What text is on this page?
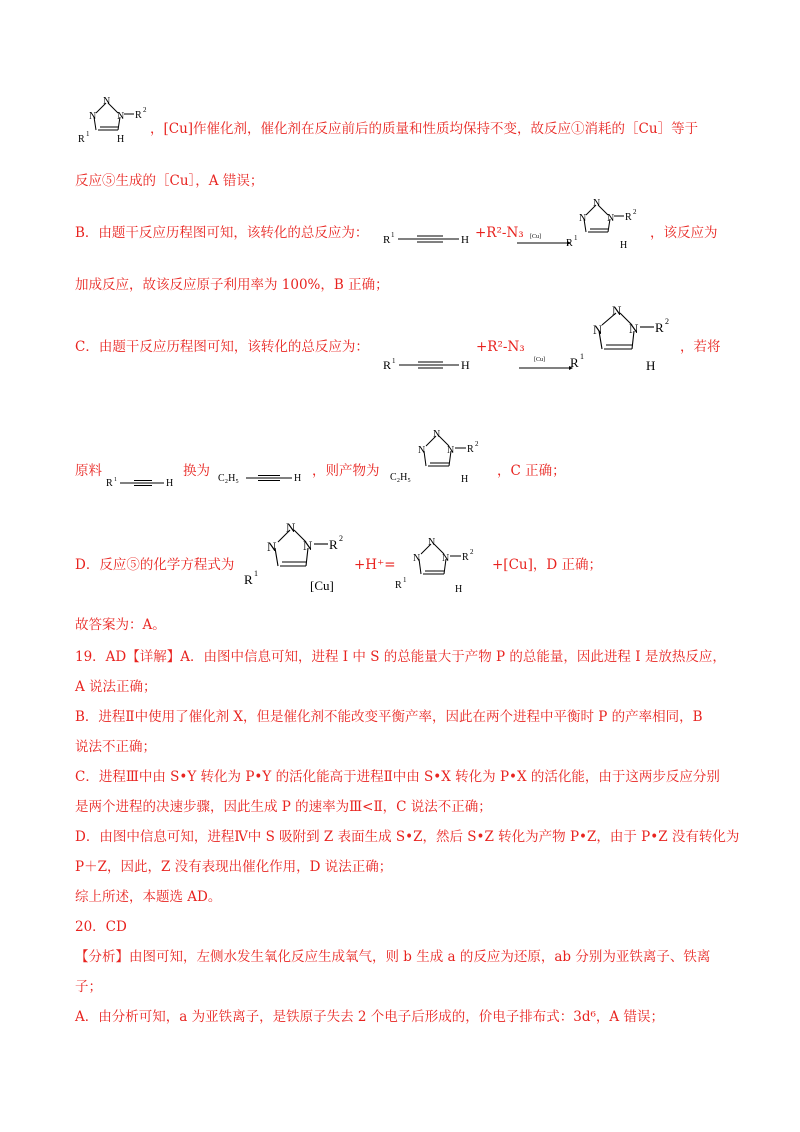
N
N
N R 2
R 1	H
，[Cu]作催化剂，催化剂在反应前后的质量和性质均保持不变，故反应①消耗的［Cu］等于
反应⑤生成的［Cu］，A 错误；
B．由题干反应历程图可知，该转化的总反应为： R 1	H +R²-N₃ [Cu]
N
N
N R 2
R 1
H
，该反应为
加成反应，故该反应原子利用率为 100%，B 正确；
C．由题干反应历程图可知，该转化的总反应为：
R 1	H
+R²-N₃
[Cu]
N
N
N R 2
R 1
H
，若将
原料
R 1	H
换为 C₂H₅	H ，则产物为
N
N
N R 2
C₂H₅	H
，C 正确；
D．反应⑤的化学方程式为
N
N
N R 2
R 1
[Cu]
+H⁺= N
N
N R 2
R 1
H
+[Cu]，D 正确；
故答案为：A。
19．AD【详解】A．由图中信息可知，进程 I 中 S 的总能量大于产物 P 的总能量，因此进程 I 是放热反应，
A 说法正确；
B．进程Ⅱ中使用了催化剂 X，但是催化剂不能改变平衡产率，因此在两个进程中平衡时 P 的产率相同，B
说法不正确；
C．进程Ⅲ中由 S•Y 转化为 P•Y 的活化能高于进程Ⅱ中由 S•X 转化为 P•X 的活化能，由于这两步反应分别
是两个进程的决速步骤，因此生成 P 的速率为Ⅲ<Ⅱ，C 说法不正确；
D．由图中信息可知，进程Ⅳ中 S 吸附到 Z 表面生成 S•Z，然后 S•Z 转化为产物 P•Z，由于 P•Z 没有转化为
P＋Z，因此，Z 没有表现出催化作用，D 说法正确；
综上所述，本题选 AD。
20．CD
【分析】由图可知，左侧水发生氧化反应生成氧气，则 b 生成 a 的反应为还原，ab 分别为亚铁离子、铁离
子；
A．由分析可知，a 为亚铁离子，是铁原子失去 2 个电子后形成的，价电子排布式：3d⁶，A 错误；
